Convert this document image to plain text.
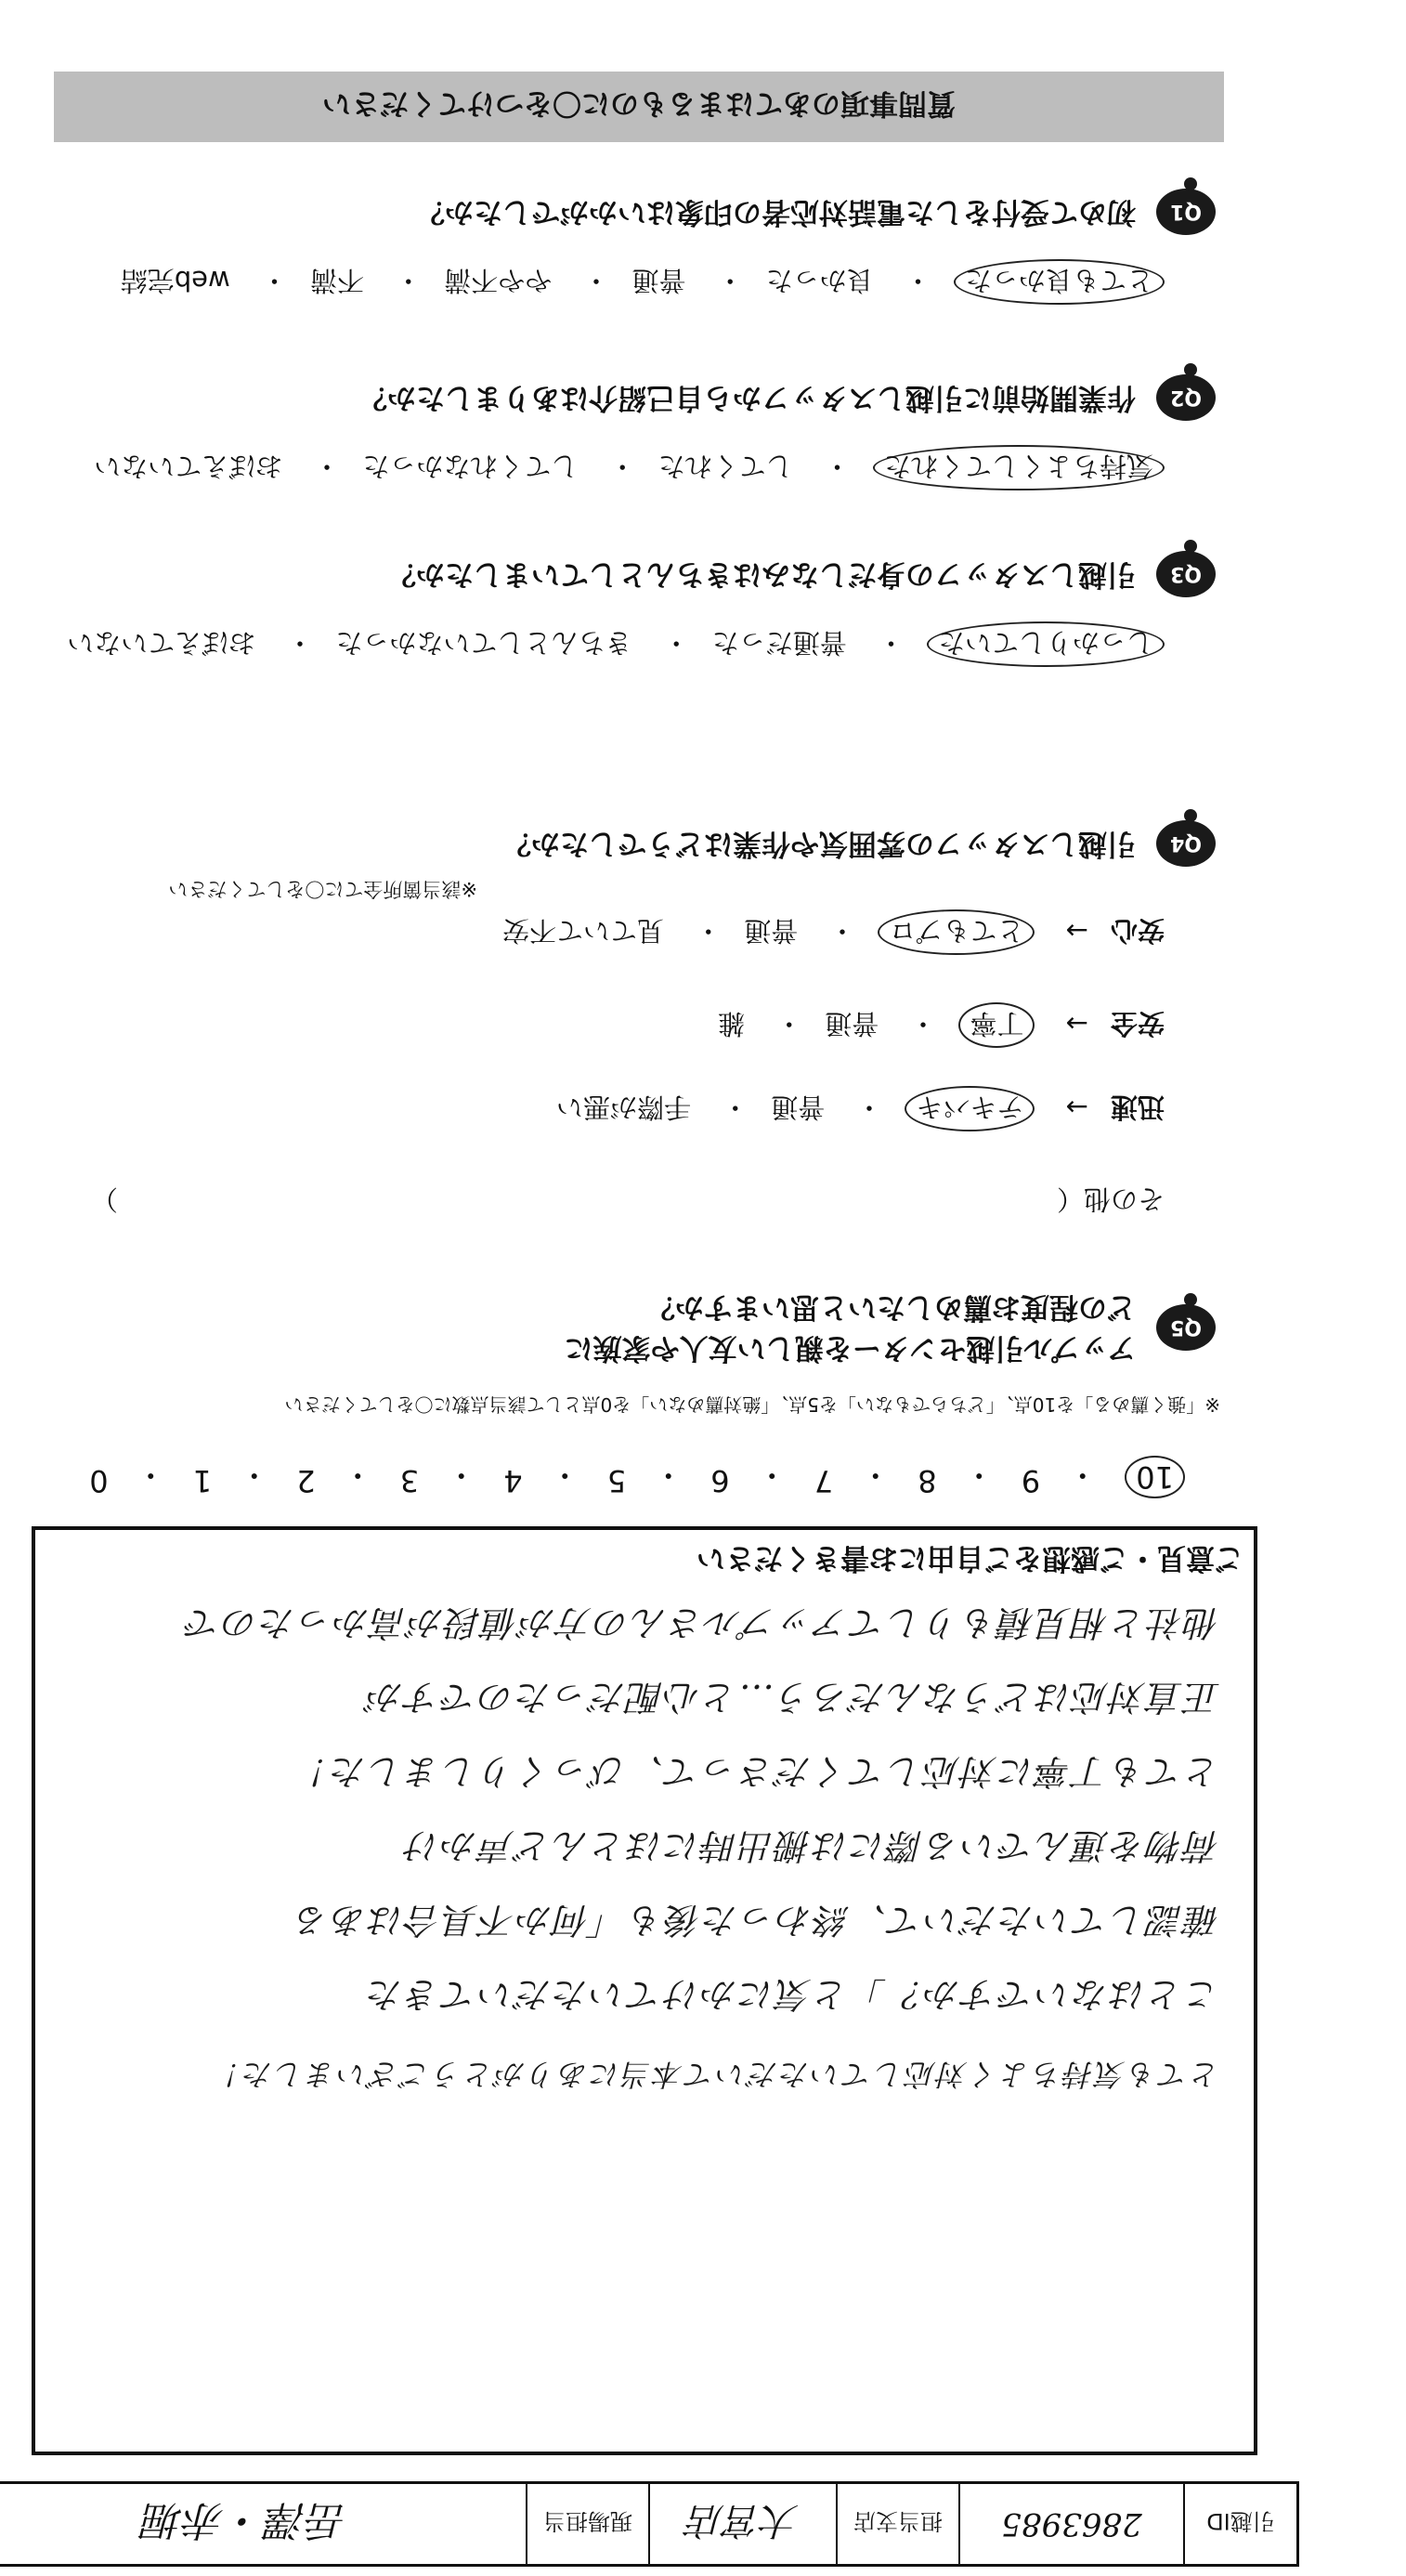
引越ID
2863985
担当支店
大宮店
現場担当
岳澤・赤堀
質問事項のあてはまるものに〇をつけてください
Q1
初めて受付をした電話対応者の印象はいかがでしたか？
とても良かった・ 良かった・ 普通・ やや不満・ 不満・ web完結
Q2
作業開始前に引越しスタッフから自己紹介はありましたか？
気持ちよくしてくれた・ してくれた・ してくれなかった・ おぼえていない
Q3
引越しスタッフの身だしなみはきちんとしていましたか？
しっかりしていた・ 普通だった・ きちんとしていなかった・ おぼえていない
Q4
引越しスタッフの雰囲気や作業はどうでしたか？
※該当箇所全てに〇をしてください
安心→ とてもプロ・ 普通・ 見ていて不安
安全→ 丁寧・ 普通・ 雑
迅速→ テキパキ・ 普通・ 手際が悪い
その他（
）
Q5
アップル引越センターを親しい友人や家族に
どの程度お薦めしたいと思いますか？
※「強く薦める」を10点、「どちらでもない」を5点、「絶対薦めない」を0点として該当点数に〇をしてください
10
・
9
・
8
・
7
・
6
・
5
・
4
・
3
・
2
・
1
・
0
ご意見・ご感想をご自由にお書きください
他社と相見積もりしてアップルさんの方が値段が高かったので
正直対応はどうなんだろう…と心配だったのですが
とても丁寧に対応してくださって、びっくりしました！
荷物を運んでいる際には搬出時にほとんど声かけ
確認していただいて、終わった後も「何か不具合はある
ことはないですか？」と気にかけていただいてきた
とても気持ちよく対応していただいて本当にありがとうございました！
